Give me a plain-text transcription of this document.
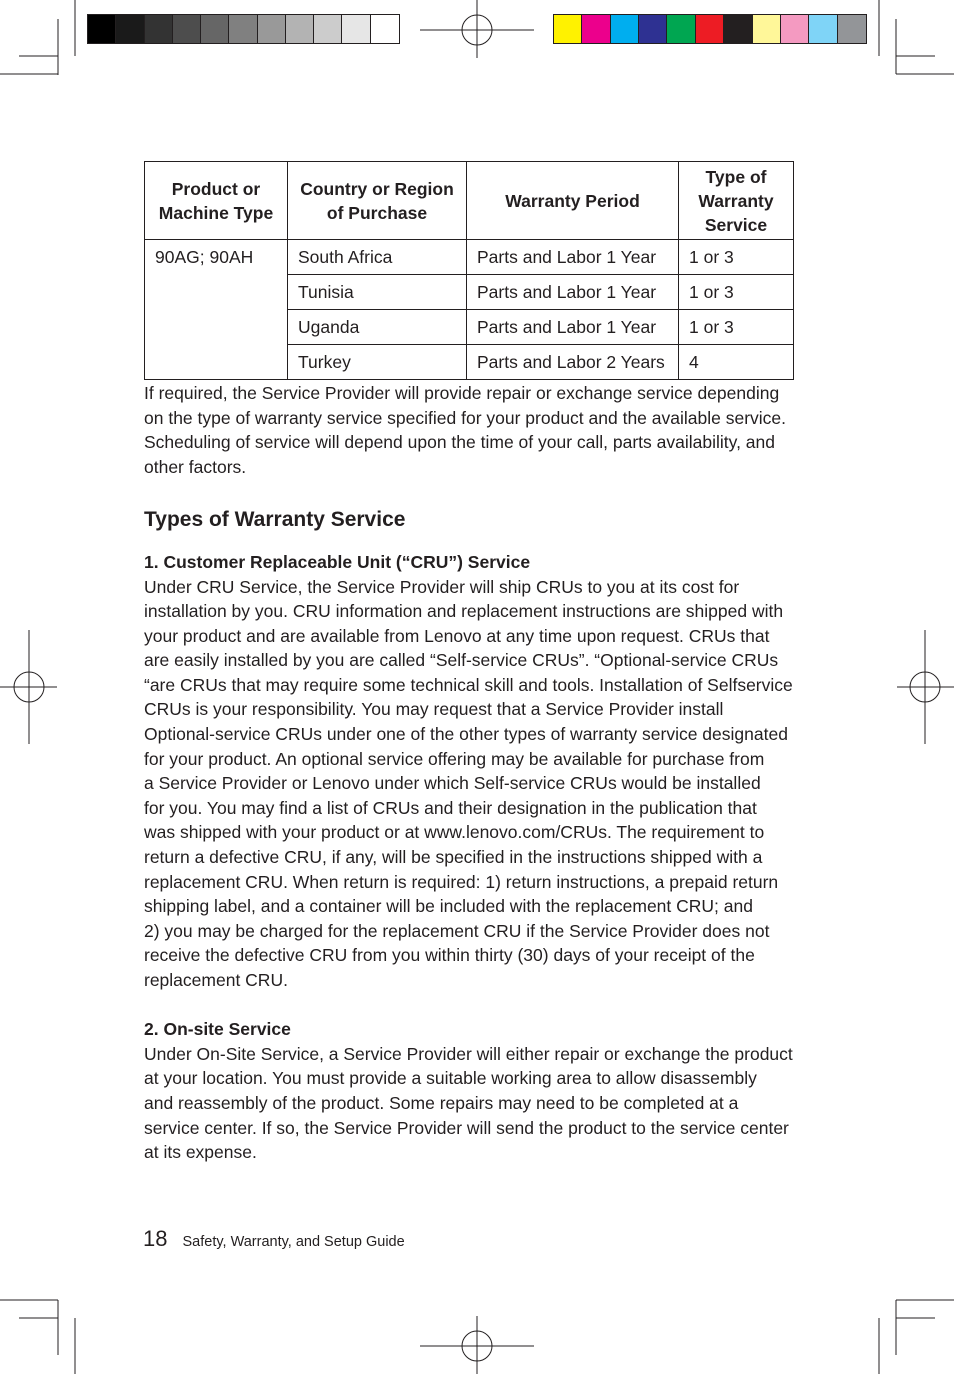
Product or Machine Type	Country or Region of Purchase	Warranty Period	Type of Warranty Service
90AG; 90AH	South Africa	Parts and Labor 1 Year	1 or 3
	Tunisia	Parts and Labor 1 Year	1 or 3
	Uganda	Parts and Labor 1 Year	1 or 3
	Turkey	Parts and Labor 2 Years	4

If required, the Service Provider will provide repair or exchange service depending on the type of warranty service specified for your product and the available service. Scheduling of service will depend upon the time of your call, parts availability, and other factors.

Types of Warranty Service
1. Customer Replaceable Unit (“CRU”) Service

Under CRU Service, the Service Provider will ship CRUs to you at its cost for
installation by you. CRU information and replacement instructions are shipped with
your product and are available from Lenovo at any time upon request. CRUs that
are easily installed by you are called “Self-service CRUs”. “Optional-service CRUs
“are CRUs that may require some technical skill and tools. Installation of Selfservice
CRUs is your responsibility. You may request that a Service Provider install
Optional-service CRUs under one of the other types of warranty service designated
for your product. An optional service offering may be available for purchase from
a Service Provider or Lenovo under which Self-service CRUs would be installed
for you. You may find a list of CRUs and their designation in the publication that
was shipped with your product or at www.lenovo.com/CRUs. The requirement to
return a defective CRU, if any, will be specified in the instructions shipped with a
replacement CRU. When return is required: 1) return instructions, a prepaid return
shipping label, and a container will be included with the replacement CRU; and
2) you may be charged for the replacement CRU if the Service Provider does not
receive the defective CRU from you within thirty (30) days of your receipt of the
replacement CRU.

2. On-site Service

Under On-Site Service, a Service Provider will either repair or exchange the product
at your location. You must provide a suitable working area to allow disassembly
and reassembly of the product. Some repairs may need to be completed at a
service center. If so, the Service Provider will send the product to the service center
at its expense.

18 Safety, Warranty, and Setup Guide
